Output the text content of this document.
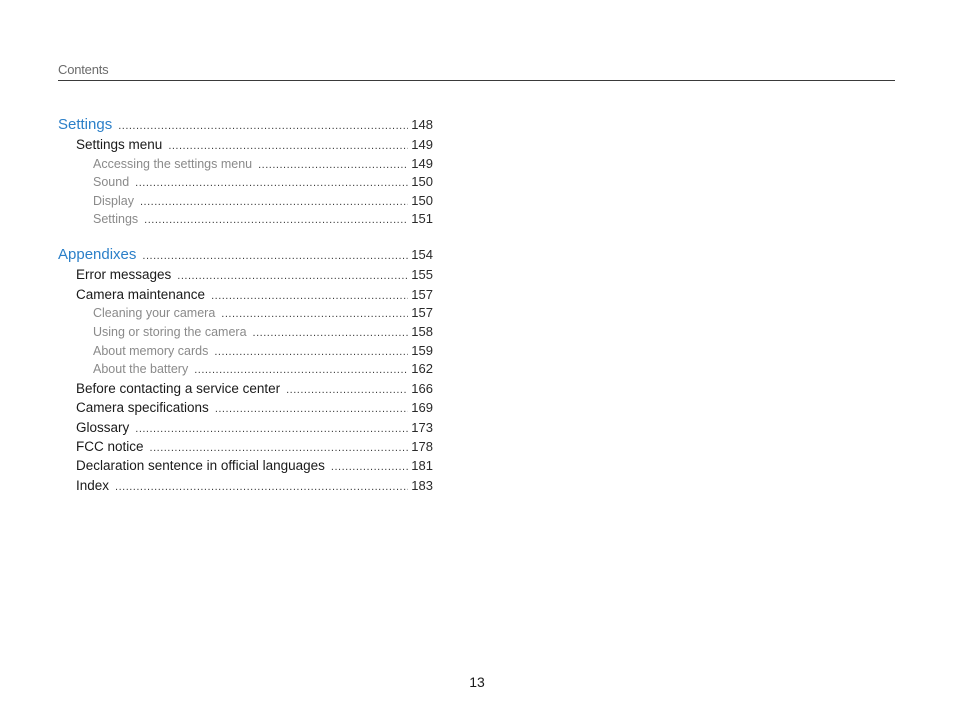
Contents
Settings .....	148
Settings menu .....	149
Accessing the settings menu .....	149
Sound .....	150
Display .....	150
Settings .....	151
Appendixes .....	154
Error messages .....	155
Camera maintenance .....	157
Cleaning your camera .....	157
Using or storing the camera .....	158
About memory cards .....	159
About the battery .....	162
Before contacting a service center .....	166
Camera specifications .....	169
Glossary .....	173
FCC notice .....	178
Declaration sentence in official languages .....	181
Index .....	183
13
